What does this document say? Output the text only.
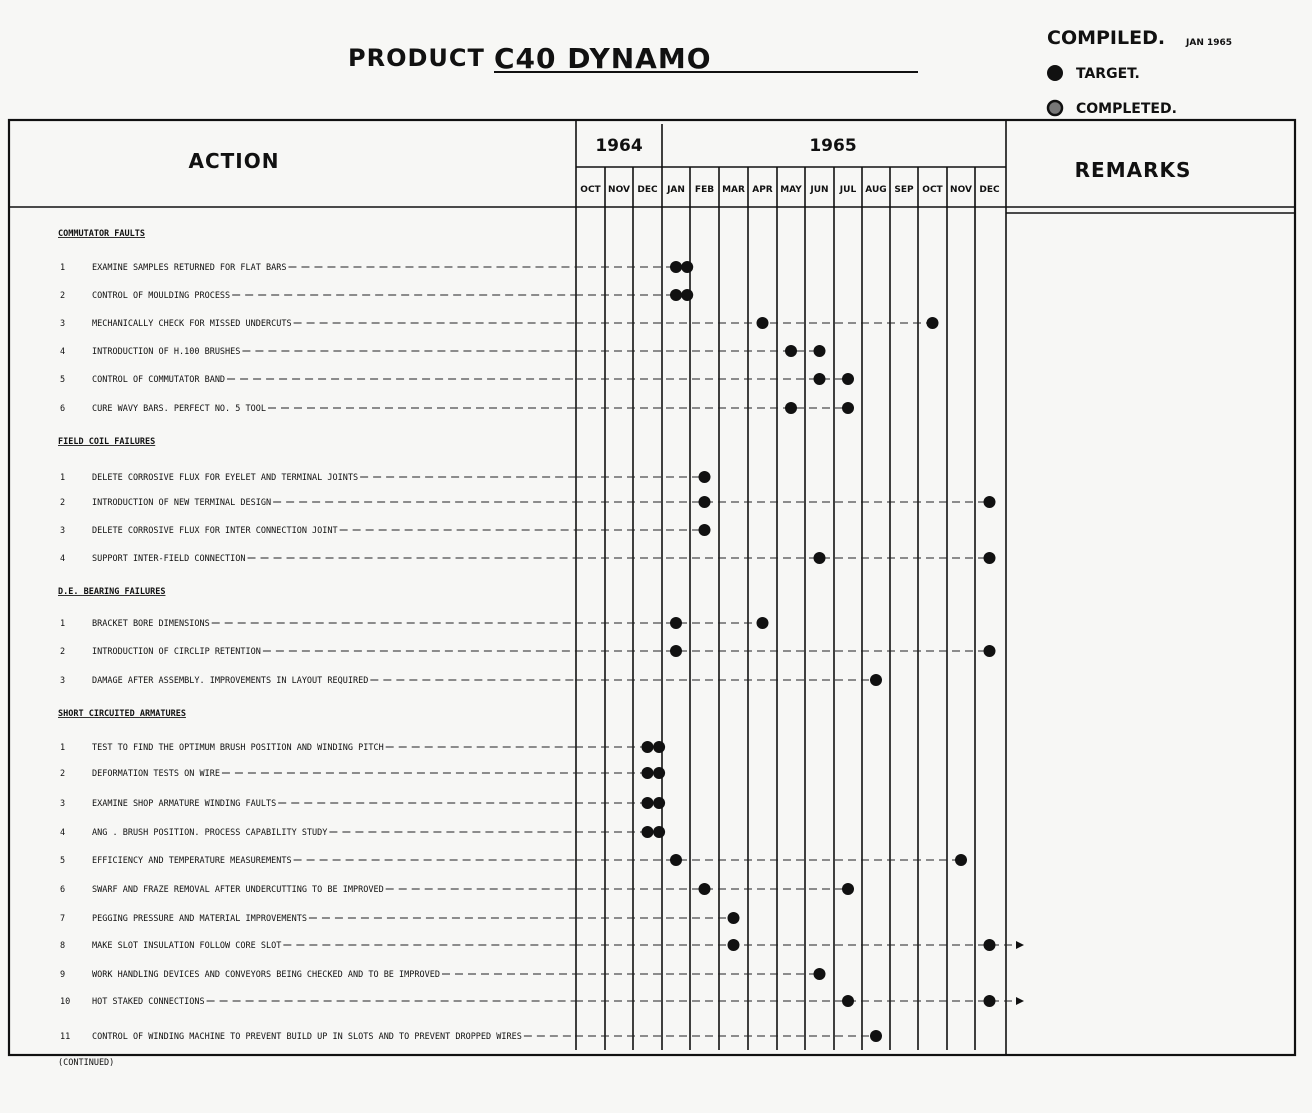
PRODUCT C40 DYNAMO
COMPILED. JAN 1965
TARGET.
COMPLETED.
ACTION	REMARKS
1964
OCT NOV DEC
1965
JAN FEB MAR APR MAY JUN JUL AUG SEP OCT NOV DEC
COMMUTATOR FAULTS
1	EXAMINE SAMPLES RETURNED FOR FLAT BARS
2	CONTROL OF MOULDING PROCESS
3	MECHANICALLY CHECK FOR MISSED UNDERCUTS
4	INTRODUCTION OF H.100 BRUSHES
5	CONTROL OF COMMUTATOR BAND
6	CURE WAVY BARS. PERFECT NO. 5 TOOL
FIELD COIL FAILURES
1	DELETE CORROSIVE FLUX FOR EYELET AND TERMINAL JOINTS
2	INTRODUCTION OF NEW TERMINAL DESIGN
3	DELETE CORROSIVE FLUX FOR INTER CONNECTION JOINT
4	SUPPORT INTER-FIELD CONNECTION
D.E. BEARING FAILURES
1	BRACKET BORE DIMENSIONS
2	INTRODUCTION OF CIRCLIP RETENTION
3	DAMAGE AFTER ASSEMBLY. IMPROVEMENTS IN LAYOUT REQUIRED
SHORT CIRCUITED ARMATURES
1	TEST TO FIND THE OPTIMUM BRUSH POSITION AND WINDING PITCH
2	DEFORMATION TESTS ON WIRE
3	EXAMINE SHOP ARMATURE WINDING FAULTS
4	ANG . BRUSH POSITION. PROCESS CAPABILITY STUDY
5	EFFICIENCY AND TEMPERATURE MEASUREMENTS
6	SWARF AND FRAZE REMOVAL AFTER UNDERCUTTING TO BE IMPROVED
7	PEGGING PRESSURE AND MATERIAL IMPROVEMENTS
8	MAKE SLOT INSULATION FOLLOW CORE SLOT
9	WORK HANDLING DEVICES AND CONVEYORS BEING CHECKED AND TO BE IMPROVED
10	HOT STAKED CONNECTIONS
11	CONTROL OF WINDING MACHINE TO PREVENT BUILD UP IN SLOTS AND TO PREVENT DROPPED WIRES
(CONTINUED)
